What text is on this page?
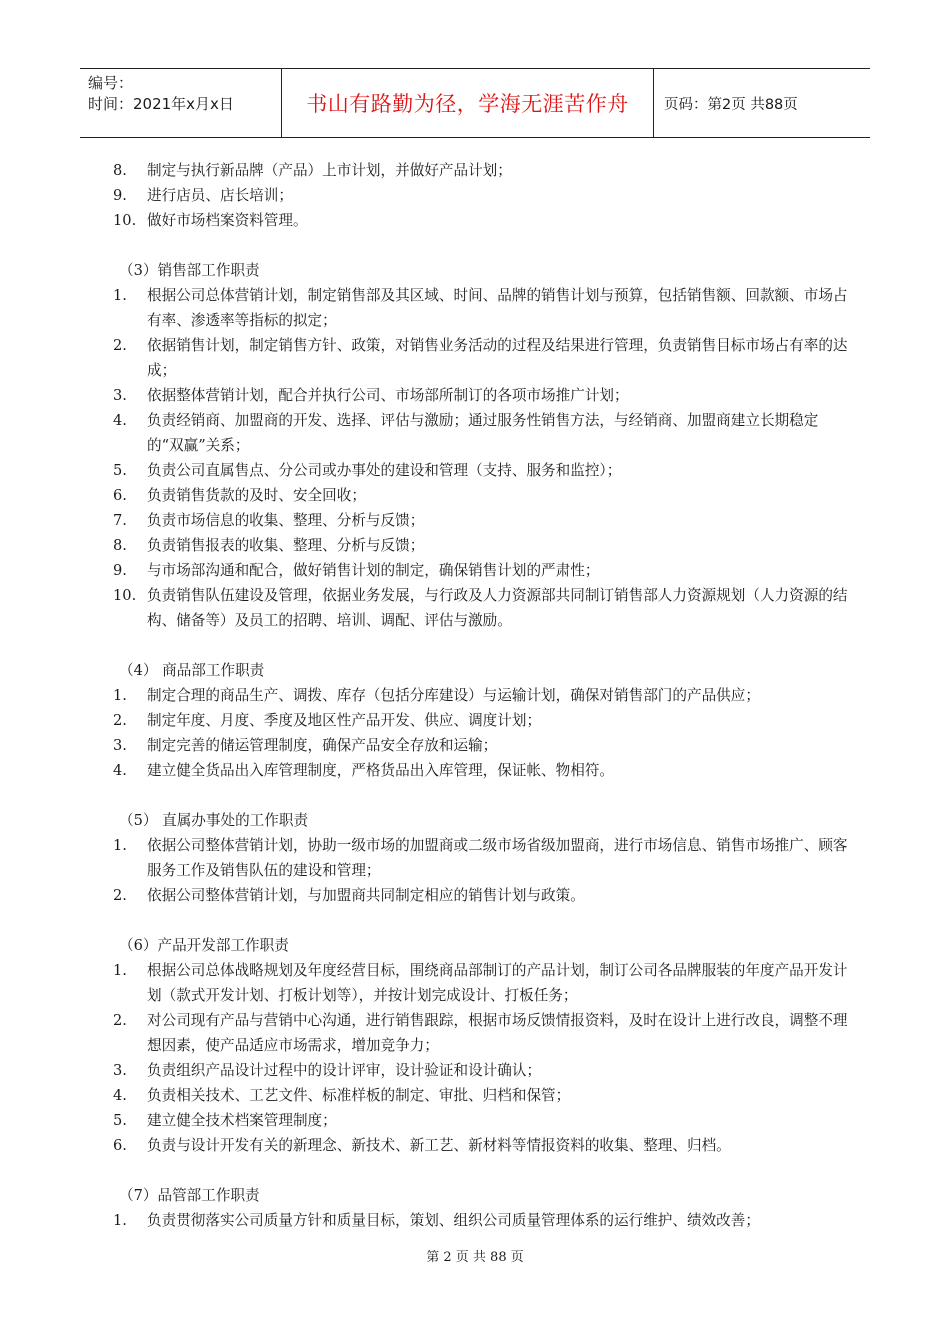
编号：
时间：2021年x月x日	书山有路勤为径，学海无涯苦作舟	页码：第2页 共88页
8.	制定与执行新品牌（产品）上市计划，并做好产品计划；
9.	进行店员、店长培训；
10. 做好市场档案资料管理。
（3）销售部工作职责
1.	根据公司总体营销计划，制定销售部及其区域、时间、品牌的销售计划与预算，包括销售额、回款额、市场占有率、渗透率等指标的拟定；
2.	依据销售计划，制定销售方针、政策，对销售业务活动的过程及结果进行管理，负责销售目标市场占有率的达成；
3.	依据整体营销计划，配合并执行公司、市场部所制订的各项市场推广计划；
4.	负责经销商、加盟商的开发、选择、评估与激励；通过服务性销售方法，与经销商、加盟商建立长期稳定的“双赢”关系；
5.	负责公司直属售点、分公司或办事处的建设和管理（支持、服务和监控）；
6.	负责销售货款的及时、安全回收；
7.	负责市场信息的收集、整理、分析与反馈；
8.	负责销售报表的收集、整理、分析与反馈；
9.	与市场部沟通和配合，做好销售计划的制定，确保销售计划的严肃性；
10. 负责销售队伍建设及管理，依据业务发展，与行政及人力资源部共同制订销售部人力资源规划（人力资源的结构、储备等）及员工的招聘、培训、调配、评估与激励。
（4） 商品部工作职责
1.	制定合理的商品生产、调拨、库存（包括分库建设）与运输计划，确保对销售部门的产品供应；
2.	制定年度、月度、季度及地区性产品开发、供应、调度计划；
3.	制定完善的储运管理制度，确保产品安全存放和运输；
4.	建立健全货品出入库管理制度，严格货品出入库管理，保证帐、物相符。
（5） 直属办事处的工作职责
1.	依据公司整体营销计划，协助一级市场的加盟商或二级市场省级加盟商，进行市场信息、销售市场推广、顾客服务工作及销售队伍的建设和管理；
2.	依据公司整体营销计划，与加盟商共同制定相应的销售计划与政策。
（6）产品开发部工作职责
1.	根据公司总体战略规划及年度经营目标，围绕商品部制订的产品计划，制订公司各品牌服装的年度产品开发计划（款式开发计划、打板计划等），并按计划完成设计、打板任务；
2.	对公司现有产品与营销中心沟通，进行销售跟踪，根据市场反馈情报资料，及时在设计上进行改良，调整不理想因素，使产品适应市场需求，增加竞争力；
3.	负责组织产品设计过程中的设计评审，设计验证和设计确认；
4.	负责相关技术、工艺文件、标准样板的制定、审批、归档和保管；
5.	建立健全技术档案管理制度；
6.	负责与设计开发有关的新理念、新技术、新工艺、新材料等情报资料的收集、整理、归档。
（7）品管部工作职责
1.	负责贯彻落实公司质量方针和质量目标，策划、组织公司质量管理体系的运行维护、绩效改善；
第 2 页 共 88 页
